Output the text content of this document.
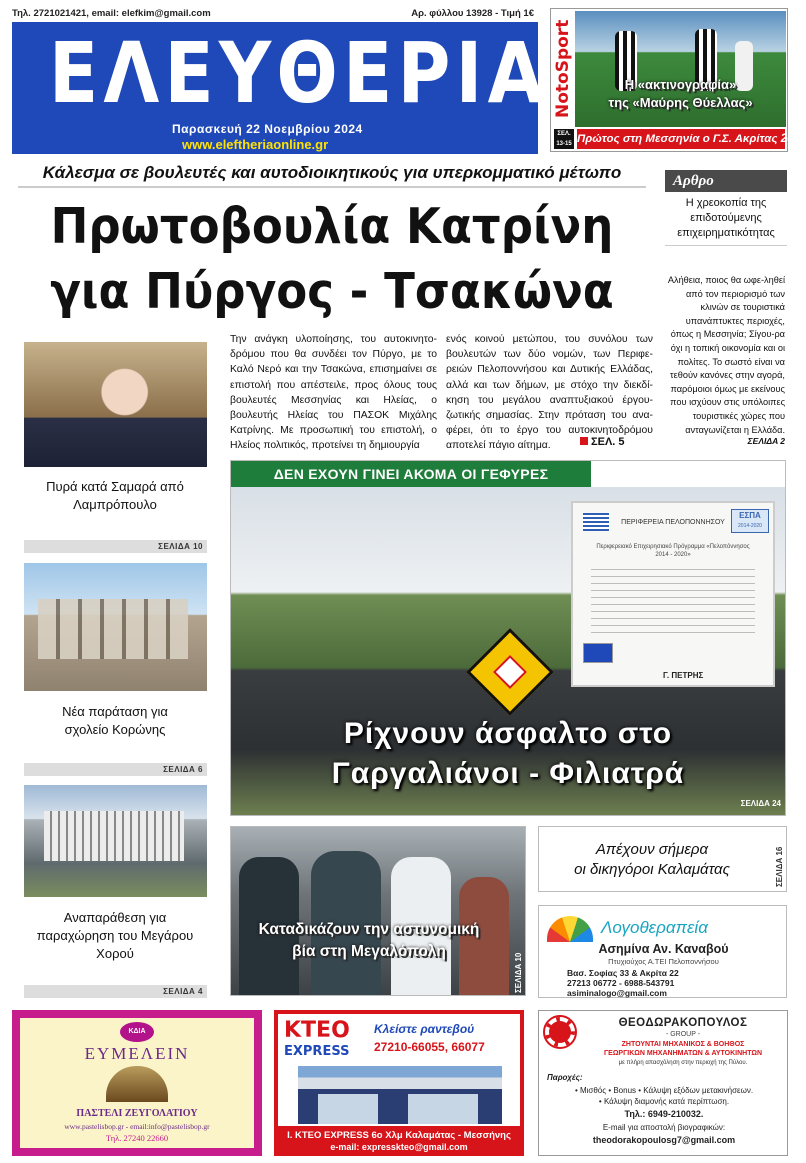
Τηλ. 2721021421, email: elefkim@gmail.com	Αρ. φύλλου 13928 - Τιμή 1€
ΕΛΕΥΘΕΡΙΑ
Παρασκευή 22 Νοεμβρίου 2024
www.eleftheriaonline.gr
NotoSport	Η «ακτινογραφία»
της «Μαύρης Θύελλας»
ΣΕΛ. 13-15 Πρώτος στη Μεσσηνία ο Γ.Σ. Ακρίτας 2016
Κάλεσμα σε βουλευτές και αυτοδιοικητικούς για υπερκομματικό μέτωπο
Πρωτοβουλία Κατρίνη
για Πύργος - Τσακώνα
Την ανάγκη υλοποίησης, του αυτοκινητο-δρόμου που θα συνδέει τον Πύργο, με το Καλό Νερό και την Τσακώνα, επισημαίνει σε επιστολή που απέστειλε, προς όλους τους βουλευτές Μεσσηνίας και Ηλείας, ο βουλευτής Ηλείας του ΠΑΣΟΚ Μιχάλης Κατρίνης. Με προσωπική του επιστολή, ο Ηλείος πολιτικός, προτείνει τη δημιουργία
ενός κοινού μετώπου, του συνόλου των βουλευτών των δύο νομών, των Περιφε-ρειών Πελοποννήσου και Δυτικής Ελλάδας, αλλά και των δήμων, με στόχο την διεκδί-κηση του μεγάλου αναπτυξιακού έργου-ζωτικής σημασίας. Στην πρόταση του ανα-φέρει, ότι το έργο του αυτοκινητοδρόμου αποτελεί πάγιο αίτημα.	ΣΕΛ. 5
Αρθρο
Η χρεοκοπία της επιδοτούμενης επιχειρηματικότητας
Αλήθεια, ποιος θα ωφε-ληθεί από τον περιορισμό των κλινών σε τουριστικά υπανάπτυκτες περιοχές, όπως η Μεσσηνία; Σίγου-ρα όχι η τοπική οικονομία και οι πολίτες. Το σωστό είναι να τεθούν κανόνες στην αγορά, παρόμοιοι όμως με εκείνους που ισχύουν στις υπόλοιπες τουριστικές χώρες που ανταγωνίζεται η Ελλάδα.
ΣΕΛΙΔΑ 2
Πυρά κατά Σαμαρά από Λαμπρόπουλο
ΣΕΛΙΔΑ 10
Νέα παράταση για σχολείο Κορώνης
ΣΕΛΙΔΑ 6
Αναπαράθεση για παραχώρηση του Μεγάρου Χορού
ΣΕΛΙΔΑ 4
ΔΕΝ ΕΧΟΥΝ ΓΙΝΕΙ ΑΚΟΜΑ ΟΙ ΓΕΦΥΡΕΣ
ΠΕΡΙΦΕΡΕΙΑ ΠΕΛΟΠΟΝΝΗΣΟΥ
ΕΣΠΑ
2014-2020
Περιφερειακό Επιχειρησιακό Πρόγραμμα «Πελοπόννησος 2014 - 2020»
Γ. ΠΕΤΡΗΣ
Ρίχνουν άσφαλτο στο
Γαργαλιάνοι - Φιλιατρά
ΣΕΛΙΔΑ 24
Καταδικάζουν την αστυνομική
βία στη Μεγαλόπολη
ΣΕΛΙΔΑ 10
Απέχουν σήμερα
οι δικηγόροι Καλαμάτας	ΣΕΛΙΔΑ 16
Λογοθεραπεία
Ασημίνα Αν. Καναβού
Πτυχιούχος Α.ΤΕΙ Πελοποννήσου
Βασ. Σοφίας 33 & Ακρίτα 22
27213 06772 - 6988-543791
asiminalogo@gmail.com
ΚΔΙΑ
ΕΥΜΕΛΕΙΝ
ΠΑΣΤΕΛΙ ΖΕΥΓΟΛΑΤΙΟΥ
www.pastelisbop.gr - email:info@pastelisbop.gr
Τηλ. 27240 22660
ΚΤΕΟ
EXPRESS
Κλείστε ραντεβού
27210-66055, 66077
Ι. ΚΤΕΟ EXPRESS 6ο Χλμ Καλαμάτας - Μεσσήνης
e-mail: expresskteo@gmail.com
ΘΕΟΔΩΡΑΚΟΠΟΥΛΟΣ
- GROUP -
ΖΗΤΟΥΝΤΑΙ ΜΗΧΑΝΙΚΟΣ & ΒΟΗΘΟΣ
ΓΕΩΡΓΙΚΩΝ ΜΗΧΑΝΗΜΑΤΩΝ & ΑΥΤΟΚΙΝΗΤΩΝ
με πλήρη απασχόληση στην περιοχή της Πύλου.
Παροχές:
• Μισθός • Bonus • Κάλυψη εξόδων μετακινήσεων.
• Κάλυψη διαμονής κατά περίπτωση.
Τηλ.: 6949-210032.
E-mail για αποστολή βιογραφικών:
theodorakopoulosg7@gmail.com
